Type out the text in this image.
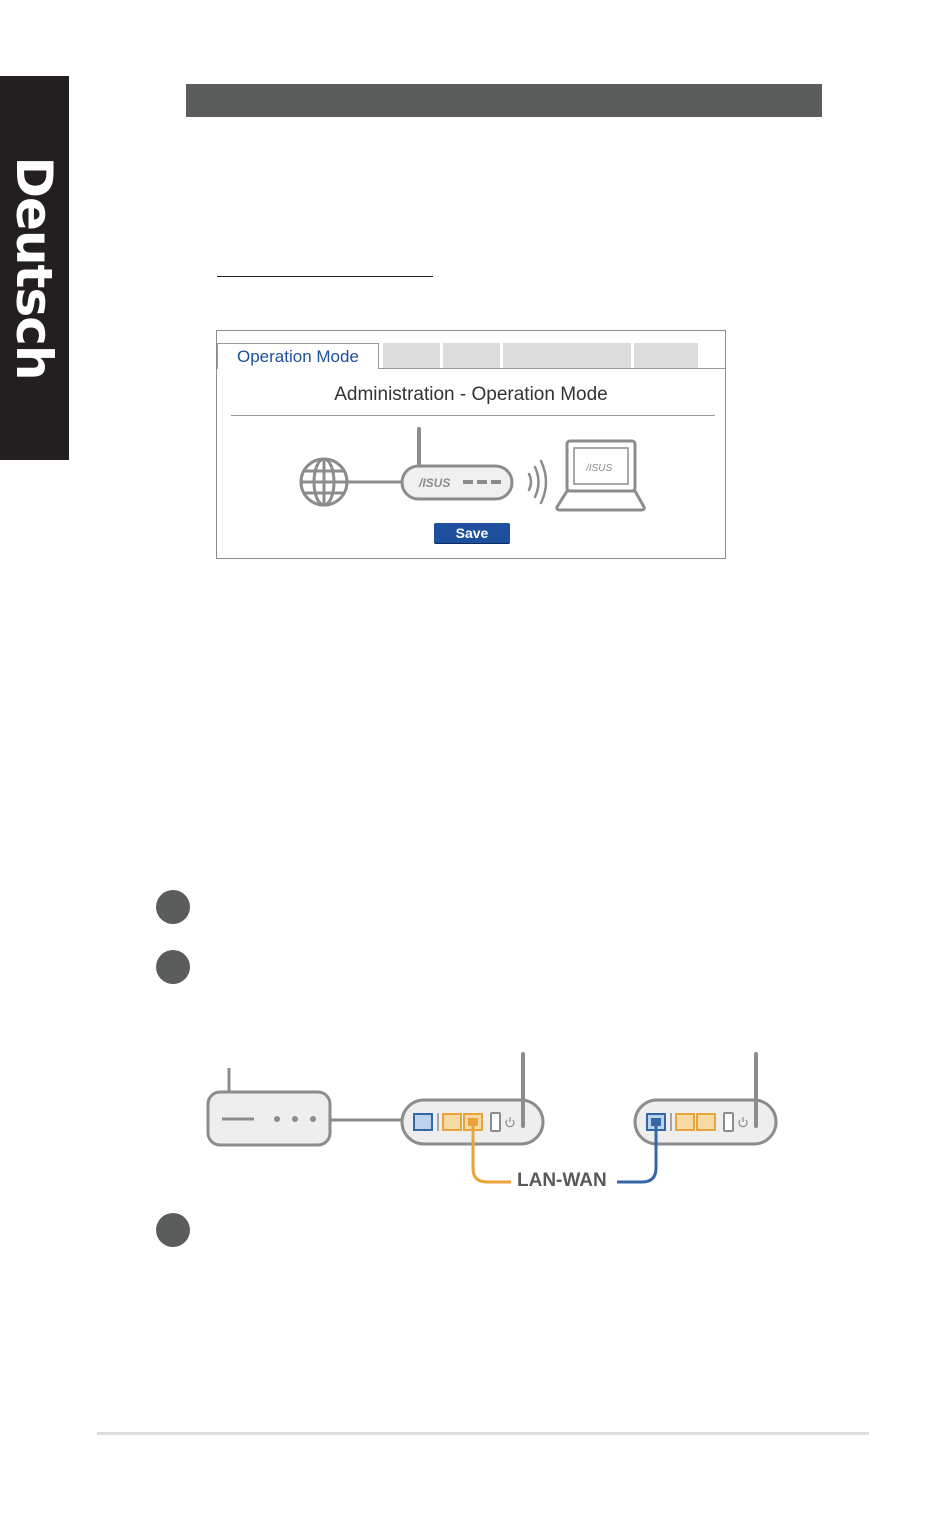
Deutsch	Operation Mode
Administration - Operation Mode
/ISUS
/ISUS
Save
LAN-WAN
